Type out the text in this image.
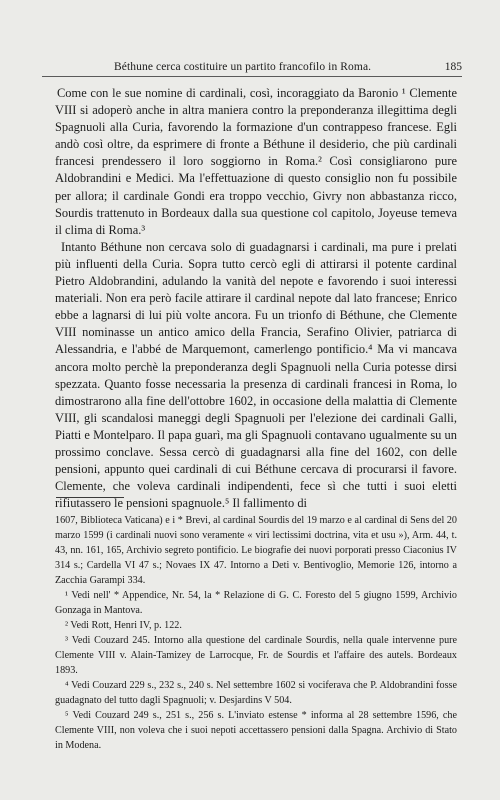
Béthune cerca costituire un partito francofilo in Roma.	185

Come con le sue nomine di cardinali, così, incoraggiato da Baronio ¹ Clemente VIII si adoperò anche in altra maniera contro la preponderanza illegittima degli Spagnuoli alla Curia, favorendo la formazione d'un contrappeso francese. Egli andò così oltre, da esprimere di fronte a Béthune il desiderio, che più cardinali francesi prendessero il loro soggiorno in Roma.² Così consigliarono pure Aldobrandini e Medici. Ma l'effettuazione di questo consiglio non fu possibile per allora; il cardinale Gondi era troppo vecchio, Givry non abbastanza ricco, Sourdis trattenuto in Bordeaux dalla sua questione col capitolo, Joyeuse temeva il clima di Roma.³

Intanto Béthune non cercava solo di guadagnarsi i cardinali, ma pure i prelati più influenti della Curia. Sopra tutto cercò egli di attirarsi il potente cardinal Pietro Aldobrandini, adulando la vanità del nepote e favorendo i suoi interessi materiali. Non era però facile attirare il cardinal nepote dal lato francese; Enrico ebbe a lagnarsi di lui più volte ancora. Fu un trionfo di Béthune, che Clemente VIII nominasse un antico amico della Francia, Serafino Olivier, patriarca di Alessandria, e l'abbé de Marquemont, camerlengo pontificio.⁴ Ma vi mancava ancora molto perchè la preponderanza degli Spagnuoli nella Curia potesse dirsi spezzata. Quanto fosse necessaria la presenza di cardinali francesi in Roma, lo dimostrarono alla fine dell'ottobre 1602, in occasione della malattia di Clemente VIII, gli scandalosi maneggi degli Spagnuoli per l'elezione dei cardinali Galli, Piatti e Montelparo. Il papa guarì, ma gli Spagnuoli contavano ugualmente su un prossimo conclave. Sessa cercò di guadagnarsi alla fine del 1602, con delle pensioni, appunto quei cardinali di cui Béthune cercava di procurarsi il favore. Clemente, che voleva cardinali indipendenti, fece sì che tutti i suoi eletti rifiutassero le pensioni spagnuole.⁵ Il fallimento di

1607, Biblioteca Vaticana) e i * Brevi, al cardinal Sourdis del 19 marzo e al cardinal di Sens del 20 marzo 1599 (i cardinali nuovi sono veramente « viri lectissimi doctrina, vita et usu »), Arm. 44, t. 43, nn. 161, 165, Archivio segreto pontificio. Le biografie dei nuovi porporati presso Ciaconius IV 314 s.; Cardella VI 47 s.; Novaes IX 47. Intorno a Deti v. Bentivoglio, Memorie 126, intorno a Zacchia Garampi 334.

¹ Vedi nell' * Appendice, Nr. 54, la * Relazione di G. C. Foresto del 5 giugno 1599, Archivio Gonzaga in Mantova.

² Vedi Rott, Henri IV, p. 122.

³ Vedi Couzard 245. Intorno alla questione del cardinale Sourdis, nella quale intervenne pure Clemente VIII v. Alain-Tamizey de Larrocque, Fr. de Sourdis et l'affaire des autels. Bordeaux 1893.

⁴ Vedi Couzard 229 s., 232 s., 240 s. Nel settembre 1602 si vociferava che P. Aldobrandini fosse guadagnato del tutto dagli Spagnuoli; v. Desjardins V 504.

⁵ Vedi Couzard 249 s., 251 s., 256 s. L'inviato estense * informa al 28 settembre 1596, che Clemente VIII, non voleva che i suoi nepoti accettassero pensioni dalla Spagna. Archivio di Stato in Modena.
